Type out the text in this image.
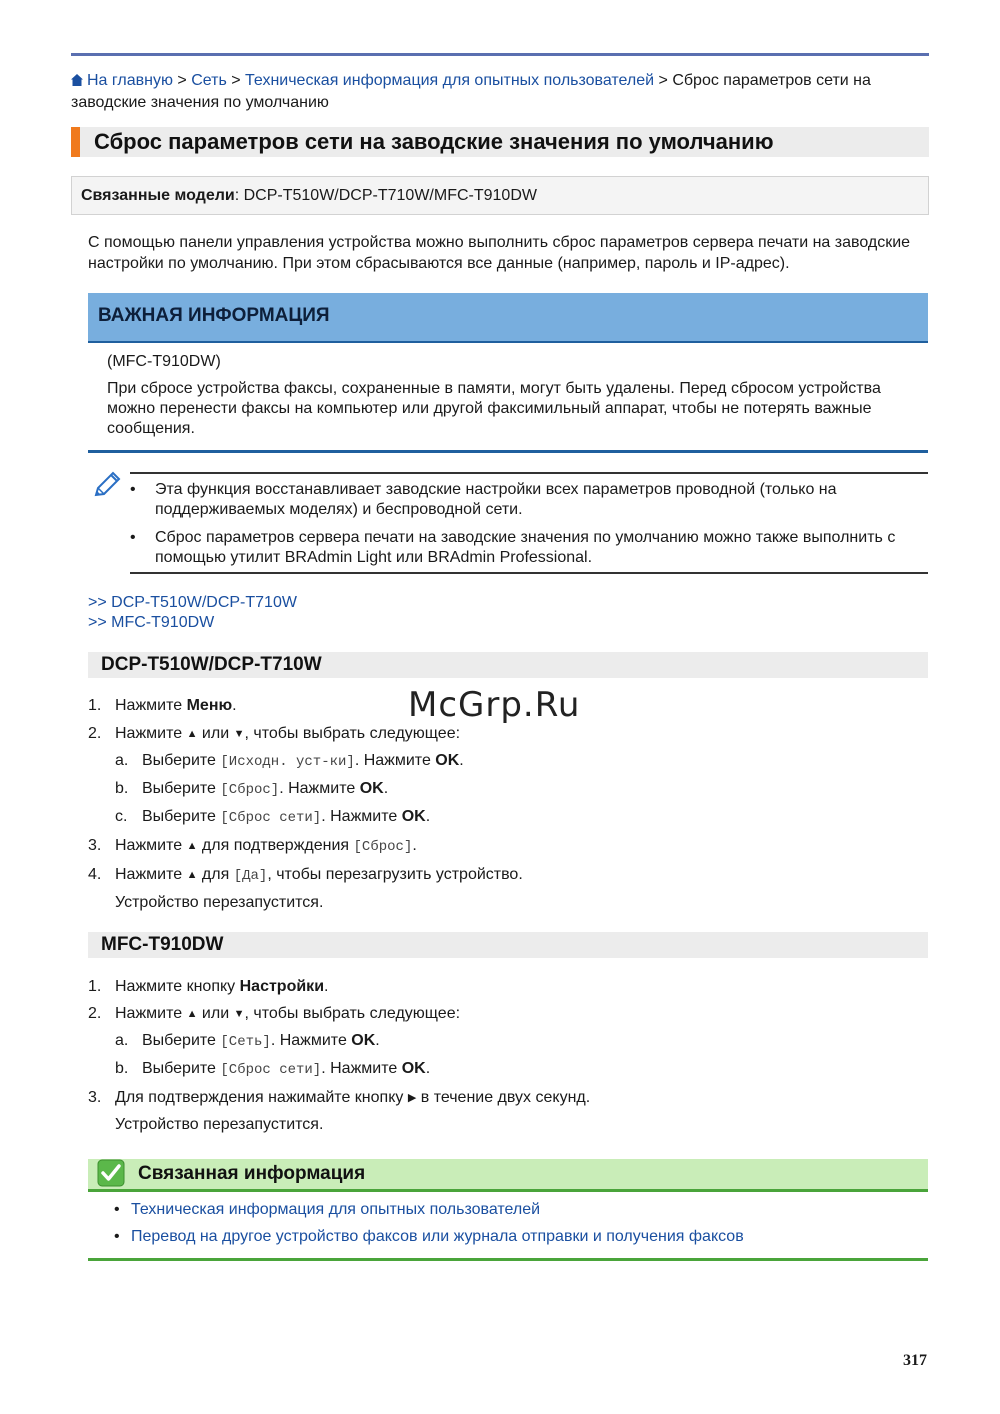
На главную > Сеть > Техническая информация для опытных пользователей > Сброс параметров сети на заводские значения по умолчанию
Сброс параметров сети на заводские значения по умолчанию
Связанные модели: DCP-T510W/DCP-T710W/MFC-T910DW
С помощью панели управления устройства можно выполнить сброс параметров сервера печати на заводские настройки по умолчанию. При этом сбрасываются все данные (например, пароль и IP-адрес).
ВАЖНАЯ ИНФОРМАЦИЯ
(MFC-T910DW)
При сбросе устройства факсы, сохраненные в памяти, могут быть удалены. Перед сбросом устройства можно перенести факсы на компьютер или другой факсимильный аппарат, чтобы не потерять важные сообщения.
• Эта функция восстанавливает заводские настройки всех параметров проводной (только на поддерживаемых моделях) и беспроводной сети.
• Сброс параметров сервера печати на заводские значения по умолчанию можно также выполнить с помощью утилит BRAdmin Light или BRAdmin Professional.
>> DCP-T510W/DCP-T710W
>> MFC-T910DW
DCP-T510W/DCP-T710W
1. Нажмите Меню.
2. Нажмите ▲ или ▼, чтобы выбрать следующее:
a. Выберите [Исходн. уст-ки]. Нажмите OK.
b. Выберите [Сброс]. Нажмите OK.
c. Выберите [Сброс сети]. Нажмите OK.
3. Нажмите ▲ для подтверждения [Сброс].
4. Нажмите ▲ для [Да], чтобы перезагрузить устройство.
Устройство перезапустится.
McGrp.Ru
MFC-T910DW
1. Нажмите кнопку Настройки.
2. Нажмите ▲ или ▼, чтобы выбрать следующее:
a. Выберите [Сеть]. Нажмите OK.
b. Выберите [Сброс сети]. Нажмите OK.
3. Для подтверждения нажимайте кнопку ▶ в течение двух секунд.
Устройство перезапустится.
Связанная информация
• Техническая информация для опытных пользователей
• Перевод на другое устройство факсов или журнала отправки и получения факсов
317
